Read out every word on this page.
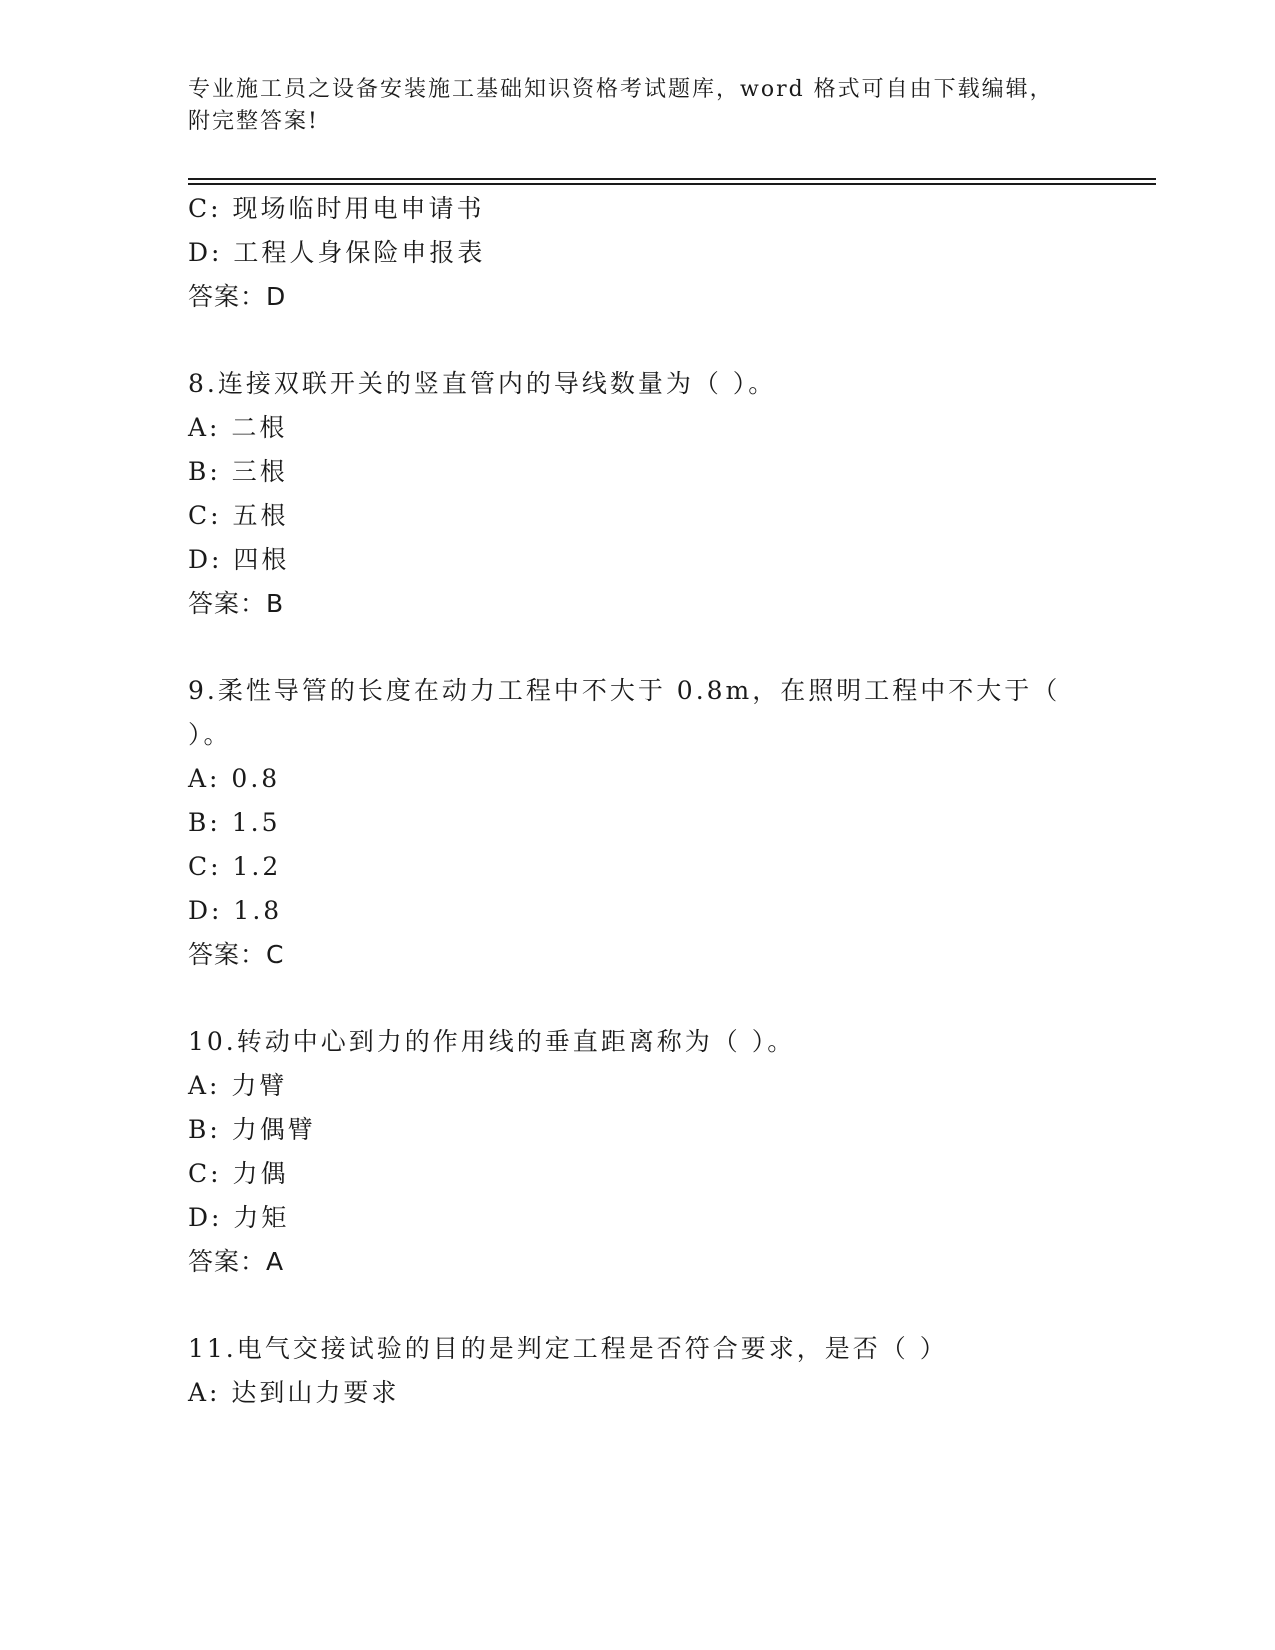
专业施工员之设备安装施工基础知识资格考试题库，word 格式可自由下载编辑，
附完整答案!
C: 现场临时用电申请书
D: 工程人身保险申报表
答案：D
8.连接双联开关的竖直管内的导线数量为（ ）。
A: 二根
B: 三根
C: 五根
D: 四根
答案：B
9.柔性导管的长度在动力工程中不大于 0.8m，在照明工程中不大于（
）。
A: 0.8
B: 1.5
C: 1.2
D: 1.8
答案：C
10.转动中心到力的作用线的垂直距离称为（ ）。
A: 力臂
B: 力偶臂
C: 力偶
D: 力矩
答案：A
11.电气交接试验的目的是判定工程是否符合要求，是否（ ）
A: 达到山力要求
